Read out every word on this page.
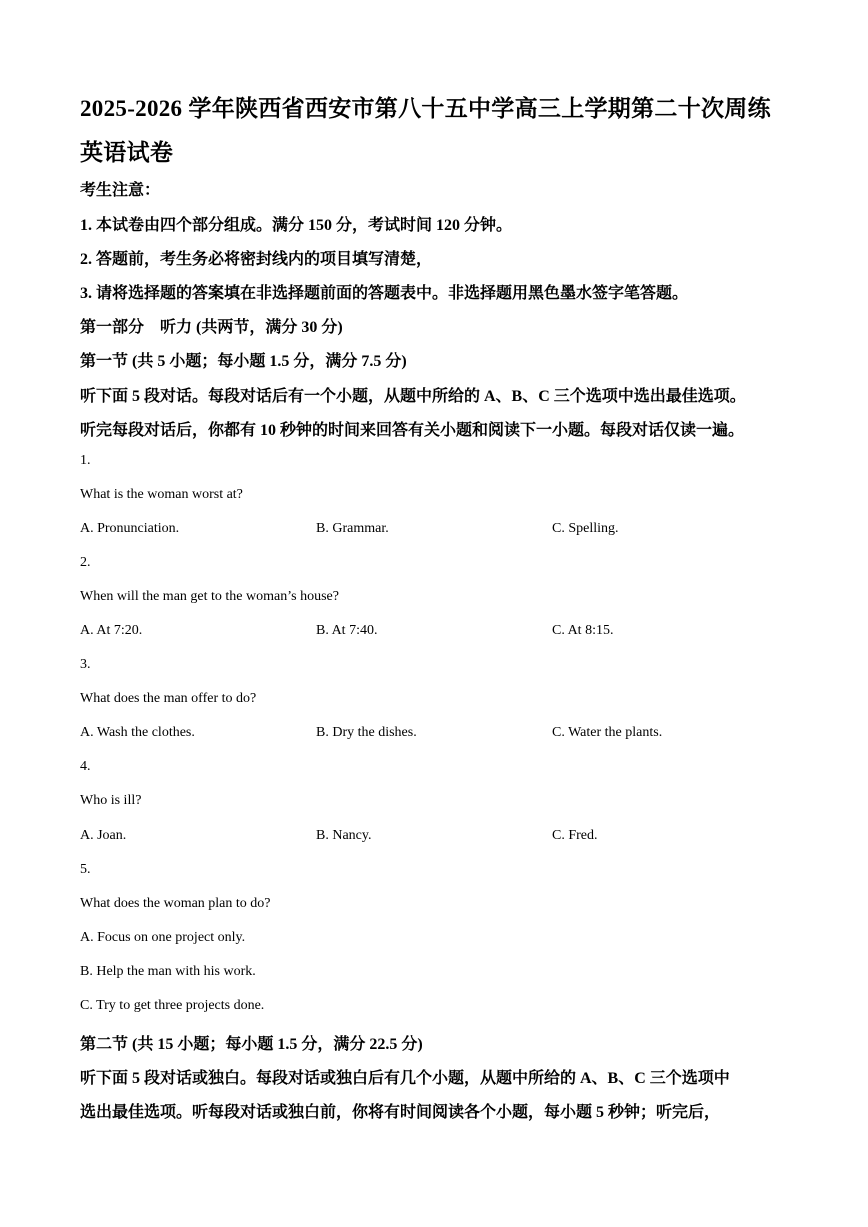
2025-2026 学年陕西省西安市第八十五中学高三上学期第二十次周练
英语试卷
考生注意：
1. 本试卷由四个部分组成。满分 150 分，考试时间 120 分钟。
2. 答题前，考生务必将密封线内的项目填写清楚，
3. 请将选择题的答案填在非选择题前面的答题表中。非选择题用黑色墨水签字笔答题。
第一部分　听力 (共两节，满分 30 分)
第一节 (共 5 小题；每小题 1.5 分，满分 7.5 分)
听下面 5 段对话。每段对话后有一个小题，从题中所给的 A、B、C 三个选项中选出最佳选项。
听完每段对话后，你都有 10 秒钟的时间来回答有关小题和阅读下一小题。每段对话仅读一遍。
1.
What is the woman worst at?
A. Pronunciation.	B. Grammar.	C. Spelling.
2.
When will the man get to the woman’s house?
A. At 7:20.	B. At 7:40.	C. At 8:15.
3.
What does the man offer to do?
A. Wash the clothes.	B. Dry the dishes.	C. Water the plants.
4.
Who is ill?
A. Joan.	B. Nancy.	C. Fred.
5.
What does the woman plan to do?
A. Focus on one project only.
B. Help the man with his work.
C. Try to get three projects done.
第二节 (共 15 小题；每小题 1.5 分，满分 22.5 分)
听下面 5 段对话或独白。每段对话或独白后有几个小题，从题中所给的 A、B、C 三个选项中
选出最佳选项。听每段对话或独白前，你将有时间阅读各个小题，每小题 5 秒钟；听完后，
